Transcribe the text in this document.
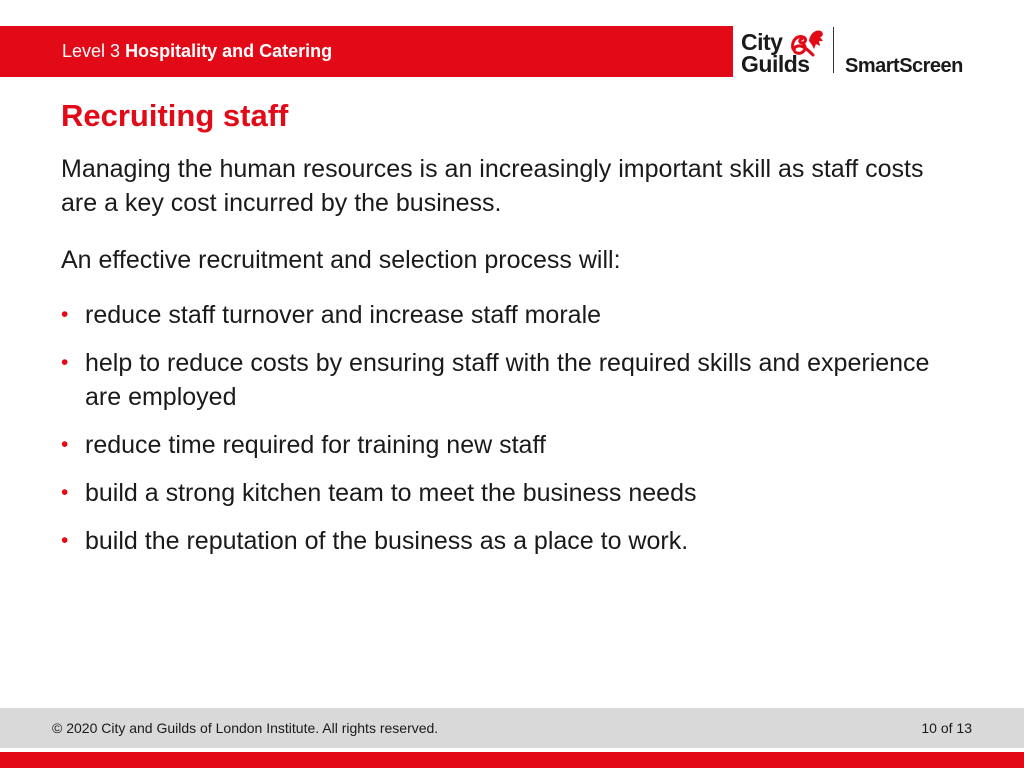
Level 3 Hospitality and Catering	City
Guilds SmartScreen
Recruiting staff

Managing the human resources is an increasingly important skill as staff costs are a key cost incurred by the business.

An effective recruitment and selection process will:

• reduce staff turnover and increase staff morale
• help to reduce costs by ensuring staff with the required skills and experience are employed
• reduce time required for training new staff
• build a strong kitchen team to meet the business needs
• build the reputation of the business as a place to work.
© 2020 City and Guilds of London Institute. All rights reserved.	10 of 13
